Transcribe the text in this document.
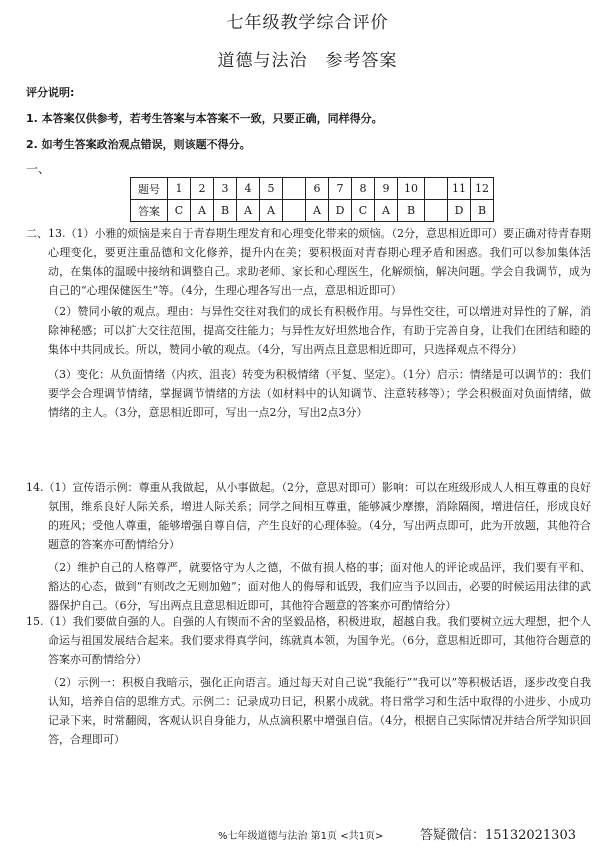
七年级教学综合评价
道德与法治　参考答案
评分说明:
1. 本答案仅供参考，若考生答案与本答案不一致，只要正确，同样得分。
2. 如考生答案政治观点错误，则该题不得分。
一、
题号	1	2	3	4	5		6	7	8	9	10		11	12
答案	C	A	B	A	A		A	D	C	A	B		D	B

二、13.（1）小雅的烦恼是来自于青春期生理发育和心理变化带来的烦恼。（2分，意思相近即可）要正确对待青春期心理变化，要更注重品德和文化修养，提升内在美；要积极面对青春期心理矛盾和困惑。我们可以参加集体活动，在集体的温暖中接纳和调整自己。求助老师、家长和心理医生，化解烦恼，解决问题。学会自我调节，成为自己的“心理保健医生”等。（4分，生理心理各写出一点，意思相近即可）

（2）赞同小敏的观点。理由：与异性交往对我们的成长有积极作用。与异性交往，可以增进对异性的了解，消除神秘感；可以扩大交往范围，提高交往能力；与异性友好坦然地合作，有助于完善自身，让我们在团结和睦的集体中共同成长。所以，赞同小敏的观点。（4分，写出两点且意思相近即可，只选择观点不得分）

（3）变化：从负面情绪（内疚、沮丧）转变为积极情绪（平复、坚定）。（1分）启示：情绪是可以调节的：我们要学会合理调节情绪，掌握调节情绪的方法（如材料中的认知调节、注意转移等）；学会积极面对负面情绪，做情绪的主人。（3分，意思相近即可，写出一点2分，写出2点3分）

14.（1）宣传语示例：尊重从我做起，从小事做起。（2分，意思对即可）影响：可以在班级形成人人相互尊重的良好氛围，维系良好人际关系，增进人际关系；同学之间相互尊重，能够减少摩擦，消除隔阂，增进信任，形成良好的班风；受他人尊重，能够增强自尊自信，产生良好的心理体验。（4分，写出两点即可，此为开放题，其他符合题意的答案亦可酌情给分）

（2）维护自己的人格尊严，就要恪守为人之德，不做有损人格的事；面对他人的评论或品评，我们要有平和、豁达的心态，做到“有则改之无则加勉”；面对他人的侮辱和诋毁，我们应当予以回击，必要的时候运用法律的武器保护自己。（6分，写出两点且意思相近即可，其他符合题意的答案亦可酌情给分）

15.（1）我们要做自强的人。自强的人有锲而不舍的坚毅品格，积极进取，超越自我。我们要树立远大理想，把个人命运与祖国发展结合起来。我们要求得真学问，练就真本领，为国争光。（6分，意思相近即可，其他符合题意的答案亦可酌情给分）

（2）示例一：积极自我暗示，强化正向语言。通过每天对自己说“我能行”“我可以”等积极话语，逐步改变自我认知，培养自信的思维方式。示例二：记录成功日记，积累小成就。将日常学习和生活中取得的小进步、小成功记录下来，时常翻阅，客观认识自身能力，从点滴积累中增强自信。（4分，根据自己实际情况并结合所学知识回答，合理即可）

%七年级道德与法治 第1页 <共1页>	答疑微信：15132021303
